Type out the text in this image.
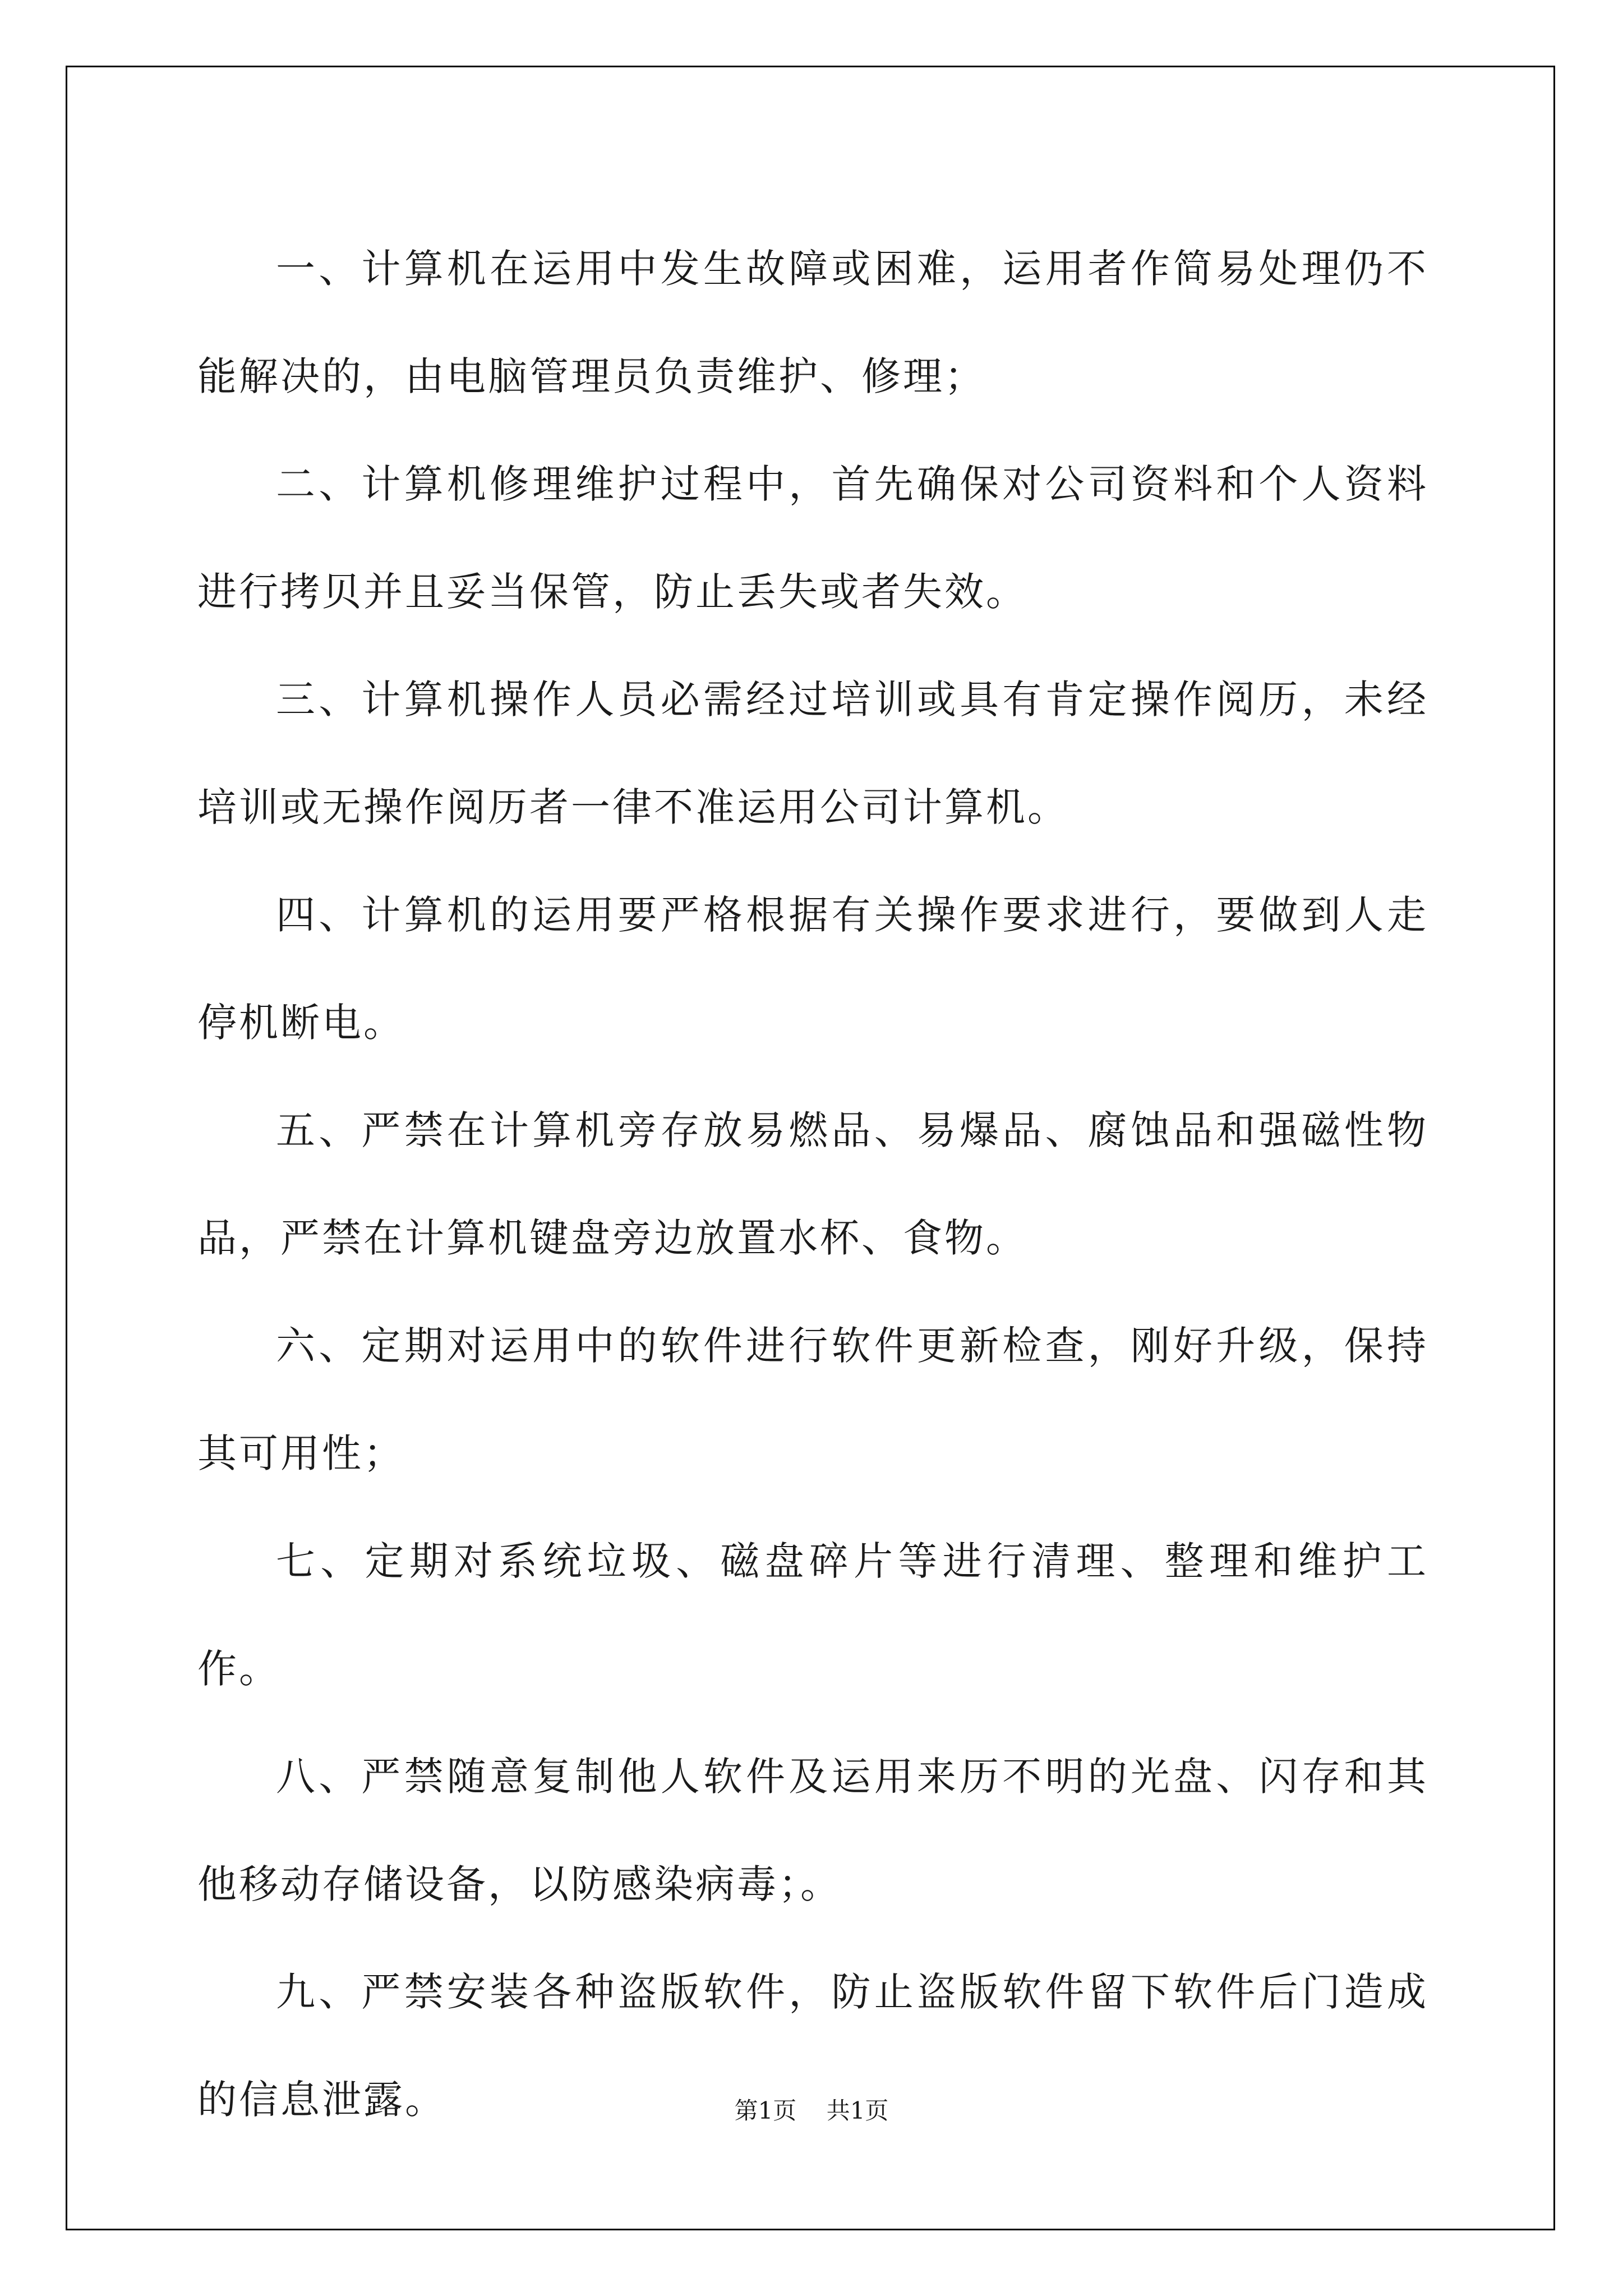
一、计算机在运用中发生故障或困难，运用者作简易处理仍不能解决的，由电脑管理员负责维护、修理；

二、计算机修理维护过程中，首先确保对公司资料和个人资料进行拷贝并且妥当保管，防止丢失或者失效。

三、计算机操作人员必需经过培训或具有肯定操作阅历，未经培训或无操作阅历者一律不准运用公司计算机。

四、计算机的运用要严格根据有关操作要求进行，要做到人走停机断电。

五、严禁在计算机旁存放易燃品、易爆品、腐蚀品和强磁性物品，严禁在计算机键盘旁边放置水杯、食物。

六、定期对运用中的软件进行软件更新检查，刚好升级，保持其可用性；

七、定期对系统垃圾、磁盘碎片等进行清理、整理和维护工作。

八、严禁随意复制他人软件及运用来历不明的光盘、闪存和其他移动存储设备，以防感染病毒；。

九、严禁安装各种盗版软件，防止盗版软件留下软件后门造成的信息泄露。	第1页 共1页
